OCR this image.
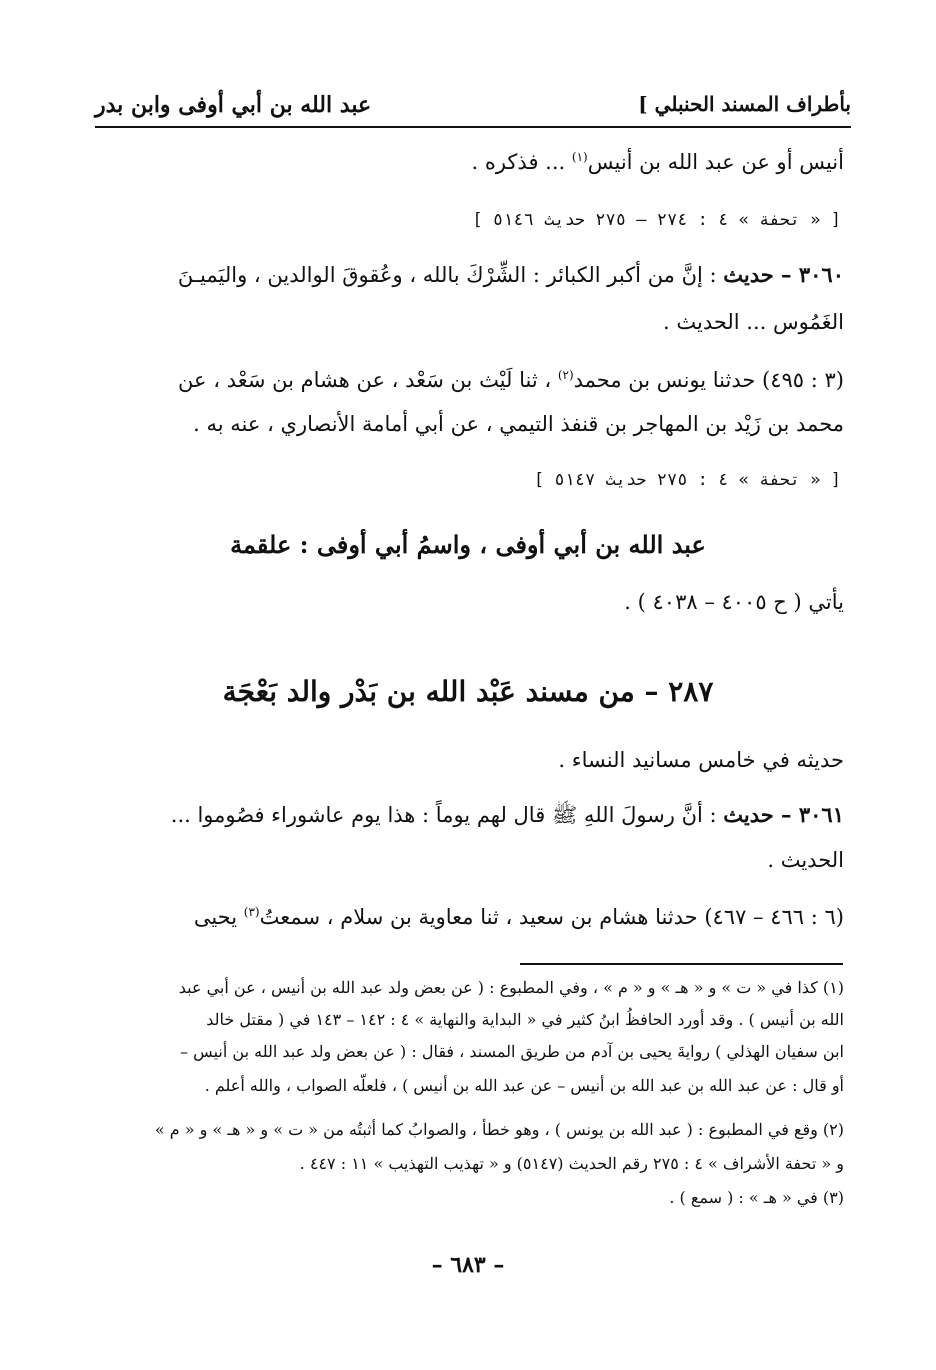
بأطراف المسند الحنبلي ]
عبد الله بن أبي أوفى وابن بدر
أنيس أو عن عبد الله بن أنيس$^{(١)}$ ... فذكره .
[ « تحفة » ٤ : ٢٧٤ – ٢٧٥ حديث ٥١٤٦ ]
٣٠٦٠ – حديث : إنَّ من أكبر الكبائر : الشِّرْكَ بالله ، وعُقوقَ الوالدين ، واليَميـنَ
الغَمُوس ... الحديث .
(٣ : ٤٩٥) حدثنا يونس بن محمد$^{(٢)}$ ، ثنا لَيْث بن سَعْد ، عن هشام بن سَعْد ، عن
محمد بن زَيْد بن المهاجر بن قنفذ التيمي ، عن أبي أمامة الأنصاري ، عنه به .
[ « تحفة » ٤ : ٢٧٥ حديث ٥١٤٧ ]
عبد الله بن أبي أوفى ، واسمُ أبي أوفى : علقمة
يأتي ( ح ٤٠٠٥ – ٤٠٣٨ ) .
٢٨٧ – من مسند عَبْد الله بن بَدْر والد بَعْجَة
حديثه في خامس مسانيد النساء .
٣٠٦١ – حديث : أنَّ رسولَ اللهِ ﷺ قال لهم يوماً : هذا يوم عاشوراء فصُوموا ...
الحديث .
(٦ : ٤٦٦ – ٤٦٧) حدثنا هشام بن سعيد ، ثنا معاوية بن سلام ، سمعتُ$^{(٣)}$ يحيى
(١) كذا في « ت » و « هـ » و « م » ، وفي المطبوع : ( عن بعض ولد عبد الله بن أنيس ، عن أبي عبد
الله بن أنيس ) . وقد أورد الحافظُ ابنُ كثير في « البداية والنهاية » ٤ : ١٤٢ – ١٤٣ في ( مقتل خالد
ابن سفيان الهذلي ) روايةَ يحيى بن آدم من طريق المسند ، فقال : ( عن بعض ولد عبد الله بن أنيس –
أو قال : عن عبد الله بن عبد الله بن أنيس – عن عبد الله بن أنيس ) ، فلعلّه الصواب ، والله أعلم .
(٢) وقع في المطبوع : ( عبد الله بن يونس ) ، وهو خطأ ، والصوابُ كما أثبتُه من « ت » و « هـ » و « م »
و « تحفة الأشراف » ٤ : ٢٧٥ رقم الحديث (٥١٤٧) و « تهذيب التهذيب » ١١ : ٤٤٧ .
(٣) في « هـ » : ( سمع ) .
– ٦٨٣ –
